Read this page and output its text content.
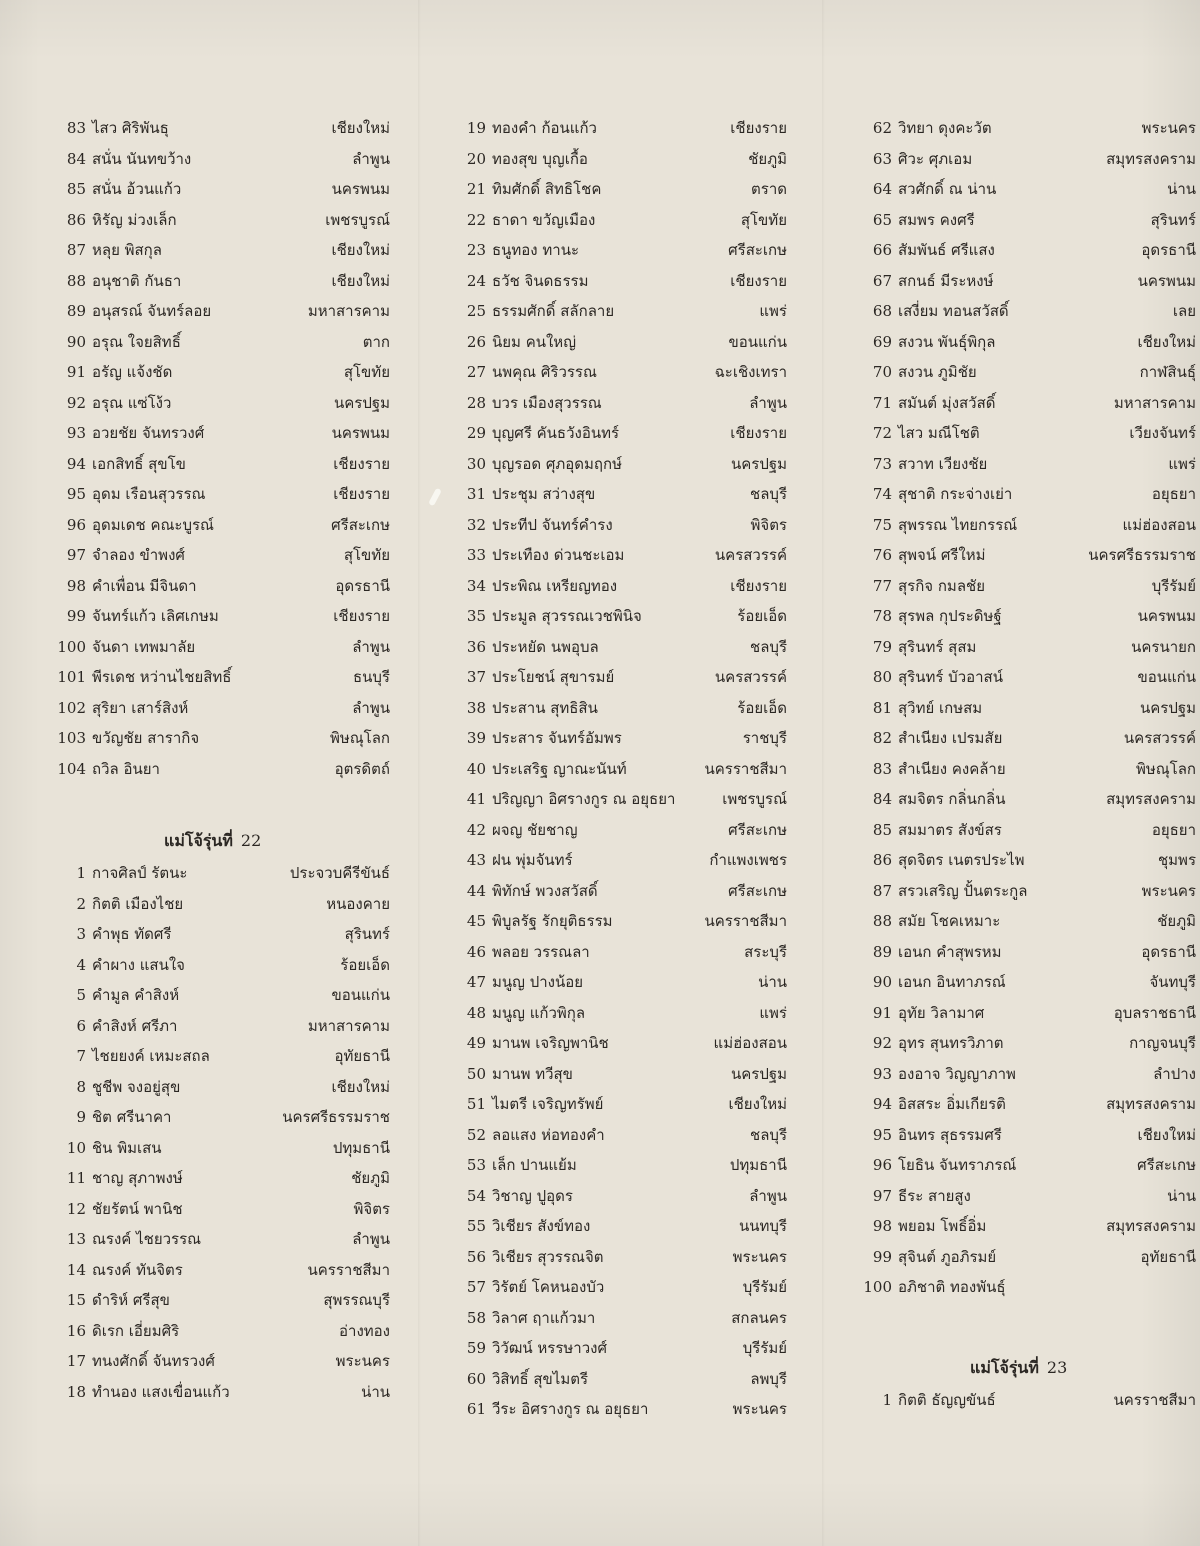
83 ไสว ศิริพันธุ	เชียงใหม่
84 สนั่น นันทขว้าง	ลำพูน
85 สนั่น อ้วนแก้ว	นครพนม
86 หิรัญ ม่วงเล็ก	เพชรบูรณ์
87 หลุย พิสกุล	เชียงใหม่
88 อนุชาติ กันธา	เชียงใหม่
89 อนุสรณ์ จันทร์ลอย	มหาสารคาม
90 อรุณ ใจยสิทธิ์	ตาก
91 อรัญ แจ้งชัด	สุโขทัย
92 อรุณ แซ่โง้ว	นครปฐม
93 อวยชัย จันทรวงศ์	นครพนม
94 เอกสิทธิ์ สุขโข	เชียงราย
95 อุดม เรือนสุวรรณ	เชียงราย
96 อุดมเดช คณะบูรณ์	ศรีสะเกษ
97 จำลอง ขำพงศ์	สุโขทัย
98 คำเพื่อน มีจินดา	อุดรธานี
99 จันทร์แก้ว เลิศเกษม	เชียงราย
100 จันดา เทพมาลัย	ลำพูน
101 พีรเดช หว่านไชยสิทธิ์	ธนบุรี
102 สุริยา เสาร์สิงห์	ลำพูน
103 ขวัญชัย สารากิจ	พิษณุโลก
104 ถวิล อินยา	อุตรดิตถ์
แม่โจ้รุ่นที่ 22
1 กาจศิลป์ รัตนะ	ประจวบคีรีขันธ์
2 กิตติ เมืองไชย	หนองคาย
3 คำพุธ ทัดศรี	สุรินทร์
4 คำผาง แสนใจ	ร้อยเอ็ด
5 คำมูล คำสิงห์	ขอนแก่น
6 คำสิงห์ ศรีภา	มหาสารคาม
7 ไชยยงค์ เหมะสถล	อุทัยธานี
8 ชูชีพ จงอยู่สุข	เชียงใหม่
9 ชิต ศรีนาคา	นครศรีธรรมราช
10 ชิน พิมเสน	ปทุมธานี
11 ชาญ สุภาพงษ์	ชัยภูมิ
12 ชัยรัตน์ พานิช	พิจิตร
13 ณรงค์ ไชยวรรณ	ลำพูน
14 ณรงค์ ทันจิตร	นครราชสีมา
15 ดำริห์ ศรีสุข	สุพรรณบุรี
16 ดิเรก เอี่ยมศิริ	อ่างทอง
17 ทนงศักดิ์ จันทรวงศ์	พระนคร
18 ทำนอง แสงเขื่อนแก้ว	น่าน
19 ทองคำ ก้อนแก้ว	เชียงราย
20 ทองสุข บุญเกื้อ	ชัยภูมิ
21 ทิมศักดิ์ สิทธิโชค	ตราด
22 ธาดา ขวัญเมือง	สุโขทัย
23 ธนูทอง ทานะ	ศรีสะเกษ
24 ธวัช จินดธรรม	เชียงราย
25 ธรรมศักดิ์ สลักลาย	แพร่
26 นิยม คนใหญ่	ขอนแก่น
27 นพคุณ ศิริวรรณ	ฉะเชิงเทรา
28 บวร เมืองสุวรรณ	ลำพูน
29 บุญศรี คันธวังอินทร์	เชียงราย
30 บุญรอด ศุภอุดมฤกษ์	นครปฐม
31 ประชุม สว่างสุข	ชลบุรี
32 ประทีป จันทร์คำรง	พิจิตร
33 ประเทือง ด่วนชะเอม	นครสวรรค์
34 ประพิณ เหรียญทอง	เชียงราย
35 ประมูล สุวรรณเวชพินิจ	ร้อยเอ็ด
36 ประหยัด นพอุบล	ชลบุรี
37 ประโยชน์ สุขารมย์	นครสวรรค์
38 ประสาน สุทธิสิน	ร้อยเอ็ด
39 ประสาร จันทร์อัมพร	ราชบุรี
40 ประเสริฐ ญาณะนันท์	นครราชสีมา
41 ปริญญา อิศรางกูร ณ อยุธยา	เพชรบูรณ์
42 ผจญ ชัยชาญ	ศรีสะเกษ
43 ฝน พุ่มจันทร์	กำแพงเพชร
44 พิทักษ์ พวงสวัสดิ์	ศรีสะเกษ
45 พิบูลรัฐ รักยุติธรรม	นครราชสีมา
46 พลอย วรรณลา	สระบุรี
47 มนูญ ปางน้อย	น่าน
48 มนูญ แก้วพิกุล	แพร่
49 มานพ เจริญพานิช	แม่ฮ่องสอน
50 มานพ ทวีสุข	นครปฐม
51 ไมตรี เจริญทรัพย์	เชียงใหม่
52 ลอแสง ห่อทองคำ	ชลบุรี
53 เล็ก ปานแย้ม	ปทุมธานี
54 วิชาญ ปูอุดร	ลำพูน
55 วิเชียร สังข์ทอง	นนทบุรี
56 วิเชียร สุวรรณจิต	พระนคร
57 วิรัตย์ โคหนองบัว	บุรีรัมย์
58 วิลาศ ฤาแก้วมา	สกลนคร
59 วิวัฒน์ หรรษาวงศ์	บุรีรัมย์
60 วิสิทธิ์ สุขไมตรี	ลพบุรี
61 วีระ อิศรางกูร ณ อยุธยา	พระนคร
62 วิทยา ดุงคะวัต	พระนคร
63 ศิวะ ศุภเอม	สมุทรสงคราม
64 สวศักดิ์ ณ น่าน	น่าน
65 สมพร คงศรี	สุรินทร์
66 สัมพันธ์ ศรีแสง	อุดรธานี
67 สกนธ์ มีระหงษ์	นครพนม
68 เสงี่ยม ทอนสวัสดิ์	เลย
69 สงวน พันธุ์พิกุล	เชียงใหม่
70 สงวน ภูมิชัย	กาฬสินธุ์
71 สมันต์ มุ่งสวัสดิ์	มหาสารคาม
72 ไสว มณีโชติ	เวียงจันทร์
73 สวาท เวียงชัย	แพร่
74 สุชาติ กระจ่างเย่า	อยุธยา
75 สุพรรณ ไทยกรรณ์	แม่ฮ่องสอน
76 สุพจน์ ศรีใหม่	นครศรีธรรมราช
77 สุรกิจ กมลชัย	บุรีรัมย์
78 สุรพล กุประดิษฐ์	นครพนม
79 สุรินทร์ สุสม	นครนายก
80 สุรินทร์ บัวอาสน์	ขอนแก่น
81 สุวิทย์ เกษสม	นครปฐม
82 สำเนียง เปรมสัย	นครสวรรค์
83 สำเนียง คงคล้าย	พิษณุโลก
84 สมจิตร กลิ่นกลิ่น	สมุทรสงคราม
85 สมมาตร สังข์สร	อยุธยา
86 สุดจิตร เนตรประไพ	ชุมพร
87 สรวเสริญ ปั้นตระกูล	พระนคร
88 สมัย โชคเหมาะ	ชัยภูมิ
89 เอนก คำสุพรหม	อุดรธานี
90 เอนก อินทาภรณ์	จันทบุรี
91 อุทัย วิลามาศ	อุบลราชธานี
92 อุทร สุนทรวิภาต	กาญจนบุรี
93 องอาจ วิญญาภาพ	ลำปาง
94 อิสสระ อิ่มเกียรติ	สมุทรสงคราม
95 อินทร สุธรรมศรี	เชียงใหม่
96 โยธิน จันทราภรณ์	ศรีสะเกษ
97 ธีระ สายสูง	น่าน
98 พยอม โพธิ์อิ่ม	สมุทรสงคราม
99 สุจินต์ ภูอภิรมย์	อุทัยธานี
100 อภิชาติ ทองพันธุ์
แม่โจ้รุ่นที่ 23
1 กิตติ ธัญญขันธ์	นครราชสีมา
